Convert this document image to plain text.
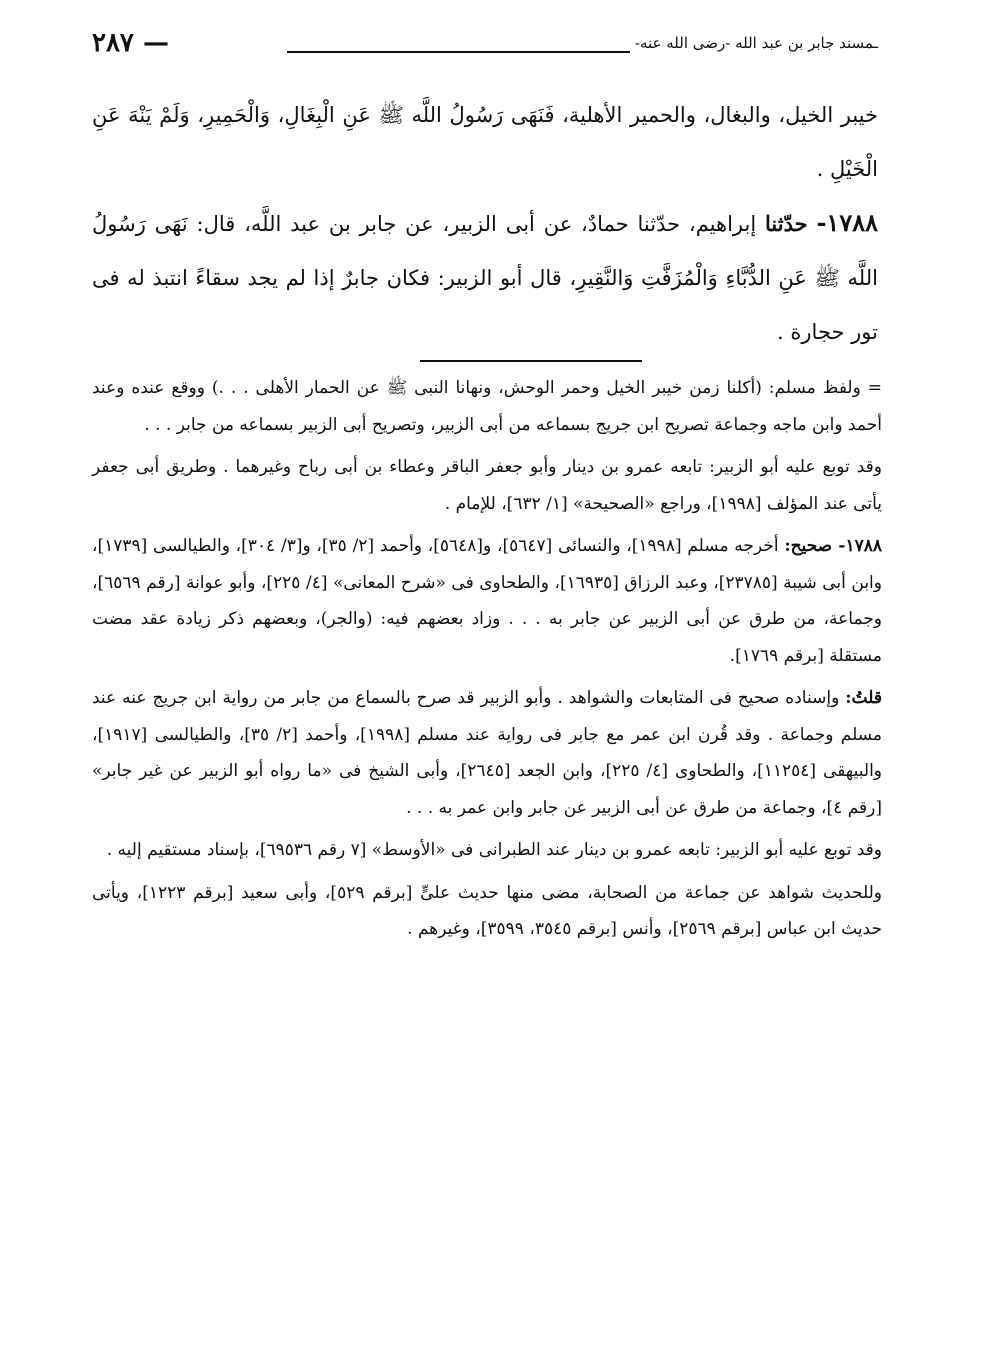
ـمسند جابر بن عبد الله -رضى الله عنه-
٢٨٧ —

خيبر الخيل، والبغال، والحمير الأهلية، فَنَهَى رَسُولُ اللَّه ﷺ عَنِ الْبِغَالِ، وَالْحَمِيرِ، وَلَمْ يَنْهَ عَنِ الْخَيْلِ .

١٧٨٨- حدّثنا إبراهيم، حدّثنا حمادٌ، عن أبى الزبير، عن جابر بن عبد اللَّه، قال: نَهَى رَسُولُ اللَّه ﷺ عَنِ الدُّبَّاءِ وَالْمُزَفَّتِ وَالنَّقِيرِ، قال أبو الزبير: فكان جابرٌ إذا لم يجد سقاءً انتبذ له فى تور حجارة .

= ولفظ مسلم: (أكلنا زمن خيبر الخيل وحمر الوحش، ونهانا النبى ﷺ عن الحمار الأهلى . . .) ووقع عنده وعند أحمد وابن ماجه وجماعة تصريح ابن جريج بسماعه من أبى الزبير، وتصريح أبى الزبير بسماعه من جابر . . .

وقد توبع عليه أبو الزبير: تابعه عمرو بن دينار وأبو جعفر الباقر وعطاء بن أبى رباح وغيرهما . وطريق أبى جعفر يأتى عند المؤلف [١٩٩٨]، وراجع «الصحيحة» [١/ ٦٣٢]، للإمام .

١٧٨٨- صحيح: أخرجه مسلم [١٩٩٨]، والنسائى [٥٦٤٧]، و[٥٦٤٨]، وأحمد [٢/ ٣٥]، و[٣/ ٣٠٤]، والطيالسى [١٧٣٩]، وابن أبى شيبة [٢٣٧٨٥]، وعبد الرزاق [١٦٩٣٥]، والطحاوى فى «شرح المعانى» [٤/ ٢٢٥]، وأبو عوانة [رقم ٦٥٦٩]، وجماعة، من طرق عن أبى الزبير عن جابر به . . . وزاد بعضهم فيه: (والجر)، وبعضهم ذكر زيادة عقد مضت مستقلة [برقم ١٧٦٩].

قلتُ: وإسناده صحيح فى المتابعات والشواهد . وأبو الزبير قد صرح بالسماع من جابر من رواية ابن جريج عنه عند مسلم وجماعة . وقد قُرن ابن عمر مع جابر فى رواية عند مسلم [١٩٩٨]، وأحمد [٢/ ٣٥]، والطيالسى [١٩١٧]، والبيهقى [١١٢٥٤]، والطحاوى [٤/ ٢٢٥]، وابن الجعد [٢٦٤٥]، وأبى الشيخ فى «ما رواه أبو الزبير عن غير جابر» [رقم ٤]، وجماعة من طرق عن أبى الزبير عن جابر وابن عمر به . . .

وقد توبع عليه أبو الزبير: تابعه عمرو بن دينار عند الطبرانى فى «الأوسط» [٧ رقم ٦٩٥٣٦]، بإسناد مستقيم إليه .

وللحديث شواهد عن جماعة من الصحابة، مضى منها حديث علىٍّ [برقم ٥٢٩]، وأبى سعيد [برقم ١٢٢٣]، ويأتى حديث ابن عباس [برقم ٢٥٦٩]، وأنس [برقم ٣٥٤٥، ٣٥٩٩]، وغيرهم .
